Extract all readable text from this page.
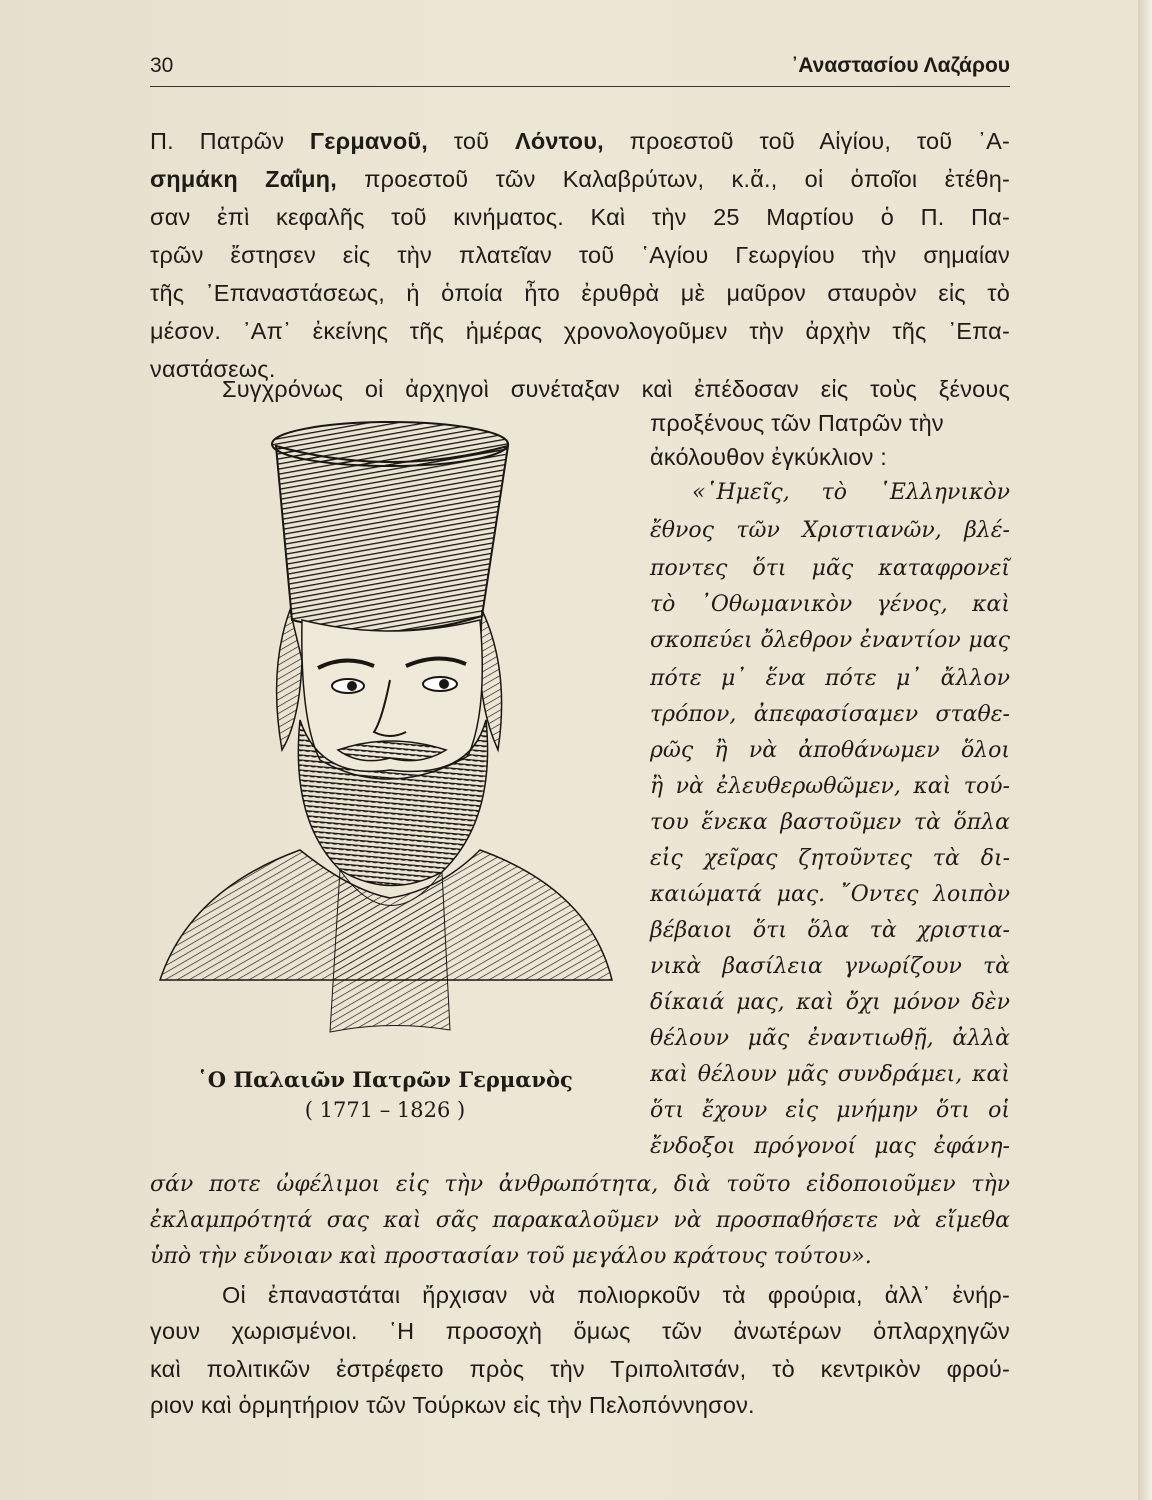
30	᾿Αναστασίου Λαζάρου
Π. Πατρῶν Γερμανοῦ, τοῦ Λόντου, προεστοῦ τοῦ Αἰγίου, τοῦ ᾿Α-
σημάκη Ζαΐμη, προεστοῦ τῶν Καλαβρύτων, κ.ἄ., οἱ ὁποῖοι ἐτέθη-
σαν ἐπὶ κεφαλῆς τοῦ κινήματος. Καὶ τὴν 25 Μαρτίου ὁ Π. Πα-
τρῶν ἔστησεν εἰς τὴν πλατεῖαν τοῦ ῾Αγίου Γεωργίου τὴν σημαίαν
τῆς ᾿Επαναστάσεως, ἡ ὁποία ἦτο ἐρυθρὰ μὲ μαῦρον σταυρὸν εἰς τὸ
μέσον. ᾿Απ᾿ ἐκείνης τῆς ἡμέρας χρονολογοῦμεν τὴν ἀρχὴν τῆς ᾿Επα-
ναστάσεως.
Συγχρόνως οἱ ἀρχηγοὶ συνέταξαν καὶ ἐπέδοσαν εἰς τοὺς ξένους
προξένους τῶν Πατρῶν τὴν
ἀκόλουθον ἐγκύκλιον :
«῾Ημεῖς, τὸ ῾Ελληνικὸν
ἔθνος τῶν Χριστιανῶν, βλέ-
ποντες ὅτι μᾶς καταφρονεῖ
τὸ ᾿Οθωμανικὸν γένος, καὶ
σκοπεύει ὄλεθρον ἐναντίον μας
πότε μ᾿ ἕνα πότε μ᾿ ἄλλον
τρόπον, ἀπεφασίσαμεν σταθε-
ρῶς ἢ νὰ ἀποθάνωμεν ὅλοι
ἢ νὰ ἐλευθερωθῶμεν, καὶ τού-
του ἕνεκα βαστοῦμεν τὰ ὅπλα
εἰς χεῖρας ζητοῦντες τὰ δι-
καιώματά μας. ῎Οντες λοιπὸν
βέβαιοι ὅτι ὅλα τὰ χριστια-
νικὰ βασίλεια γνωρίζουν τὰ
δίκαιά μας, καὶ ὄχι μόνον δὲν
θέλουν μᾶς ἐναντιωθῇ, ἀλλὰ
καὶ θέλουν μᾶς συνδράμει, καὶ
ὅτι ἔχουν εἰς μνήμην ὅτι οἱ
ἔνδοξοι πρόγονοί μας ἐφάνη-
σάν ποτε ὠφέλιμοι εἰς τὴν ἀνθρωπότητα, διὰ τοῦτο εἰδοποιοῦμεν τὴν
ἐκλαμπρότητά σας καὶ σᾶς παρακαλοῦμεν νὰ προσπαθήσετε νὰ εἴμεθα
ὑπὸ τὴν εὔνοιαν καὶ προστασίαν τοῦ μεγάλου κράτους τούτου».
Οἱ ἐπαναστάται ἤρχισαν νὰ πολιορκοῦν τὰ φρούρια, ἀλλ᾿ ἐνήρ-
γουν χωρισμένοι. ῾Η προσοχὴ ὅμως τῶν ἀνωτέρων ὁπλαρχηγῶν
καὶ πολιτικῶν ἐστρέφετο πρὸς τὴν Τριπολιτσάν, τὸ κεντρικὸν φρού-
ριον καὶ ὁρμητήριον τῶν Τούρκων εἰς τὴν Πελοπόννησον.
῾Ο Παλαιῶν Πατρῶν Γερμανὸς
( 1771 – 1826 )
